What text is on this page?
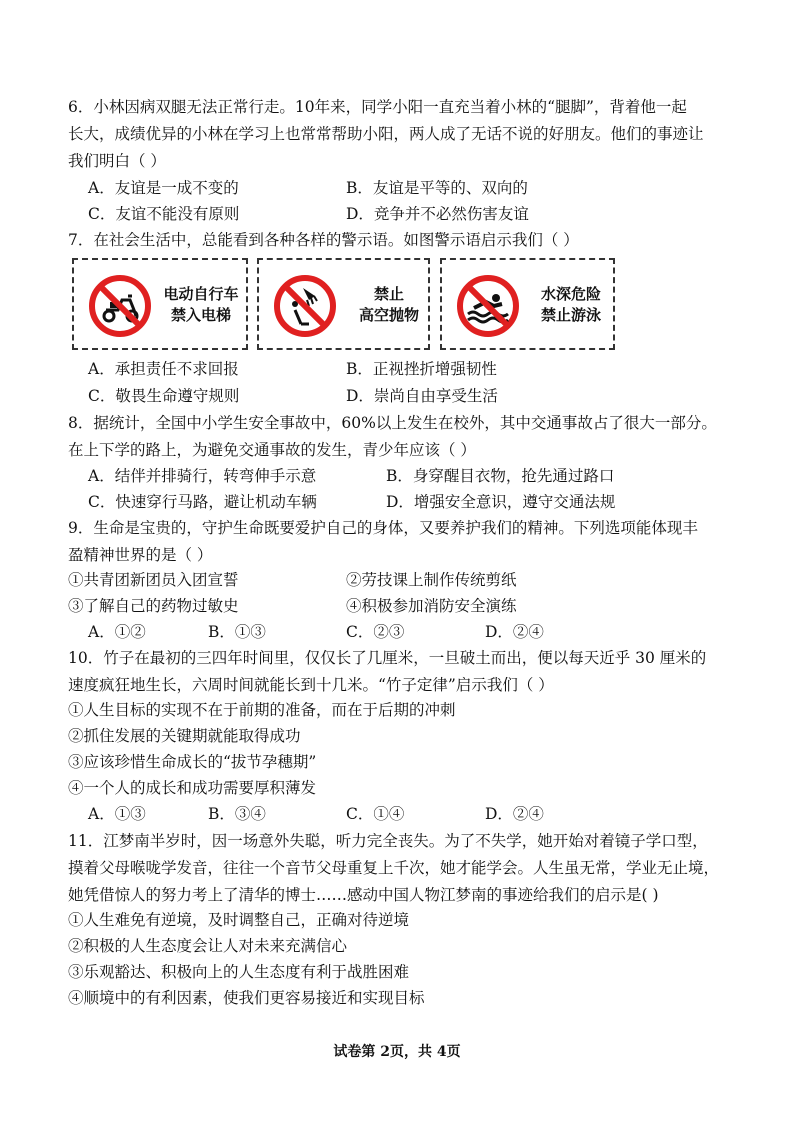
6．小林因病双腿无法正常行走。10年来，同学小阳一直充当着小林的“腿脚”，背着他一起
长大，成绩优异的小林在学习上也常常帮助小阳，两人成了无话不说的好朋友。他们的事迹让
我们明白（ ）
A．友谊是一成不变的	B．友谊是平等的、双向的
C．友谊不能没有原则	D．竞争并不必然伤害友谊
7．在社会生活中，总能看到各种各样的警示语。如图警示语启示我们（ ）
电动自行车
禁入电梯
禁止
高空抛物
水深危险
禁止游泳
A．承担责任不求回报	B．正视挫折增强韧性
C．敬畏生命遵守规则	D．崇尚自由享受生活
8．据统计，全国中小学生安全事故中，60%以上发生在校外，其中交通事故占了很大一部分。
在上下学的路上，为避免交通事故的发生，青少年应该（ ）
A．结伴并排骑行，转弯伸手示意	B．身穿醒目衣物，抢先通过路口
C．快速穿行马路，避让机动车辆	D．增强安全意识，遵守交通法规
9．生命是宝贵的，守护生命既要爱护自己的身体，又要养护我们的精神。下列选项能体现丰
盈精神世界的是（ ）
①共青团新团员入团宣誓	②劳技课上制作传统剪纸
③了解自己的药物过敏史	④积极参加消防安全演练
A．①②	B．①③	C．②③	D．②④
10．竹子在最初的三四年时间里，仅仅长了几厘米，一旦破土而出，便以每天近乎 30 厘米的
速度疯狂地生长，六周时间就能长到十几米。“竹子定律”启示我们（ ）
①人生目标的实现不在于前期的准备，而在于后期的冲刺
②抓住发展的关键期就能取得成功
③应该珍惜生命成长的“拔节孕穗期”
④一个人的成长和成功需要厚积薄发
A．①③	B．③④	C．①④	D．②④
11．江梦南半岁时，因一场意外失聪，听力完全丧失。为了不失学，她开始对着镜子学口型，
摸着父母喉咙学发音，往往一个音节父母重复上千次，她才能学会。人生虽无常，学业无止境，
她凭借惊人的努力考上了清华的博士……感动中国人物江梦南的事迹给我们的启示是( )
①人生难免有逆境，及时调整自己，正确对待逆境
②积极的人生态度会让人对未来充满信心
③乐观豁达、积极向上的人生态度有利于战胜困难
④顺境中的有利因素，使我们更容易接近和实现目标
试卷第 2页，共 4页
